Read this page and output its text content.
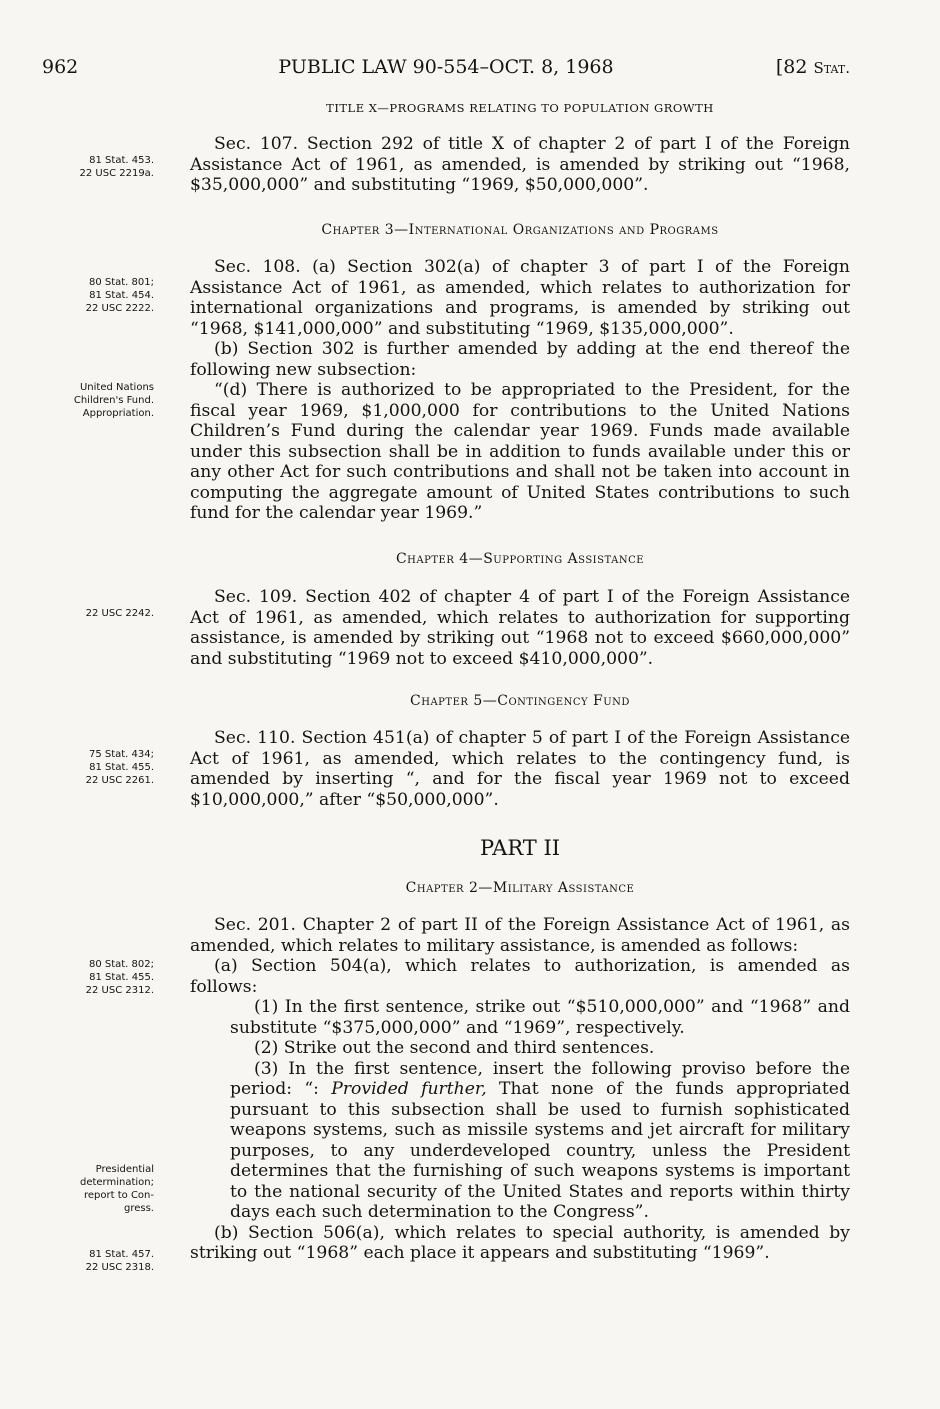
962	PUBLIC LAW 90-554–OCT. 8, 1968	[82 Stat.
TITLE X—PROGRAMS RELATING TO POPULATION GROWTH

Sec. 107. Section 292 of title X of chapter 2 of part I of the Foreign Assistance Act of 1961, as amended, is amended by striking out “1968, $35,000,000” and substituting “1969, $50,000,000”.

Chapter 3—International Organizations and Programs

Sec. 108. (a) Section 302(a) of chapter 3 of part I of the Foreign Assistance Act of 1961, as amended, which relates to authorization for international organizations and programs, is amended by striking out “1968, $141,000,000” and substituting “1969, $135,000,000”.

(b) Section 302 is further amended by adding at the end thereof the following new subsection:

“(d) There is authorized to be appropriated to the President, for the fiscal year 1969, $1,000,000 for contributions to the United Nations Children’s Fund during the calendar year 1969. Funds made available under this subsection shall be in addition to funds available under this or any other Act for such contributions and shall not be taken into account in computing the aggregate amount of United States contributions to such fund for the calendar year 1969.”

Chapter 4—Supporting Assistance

Sec. 109. Section 402 of chapter 4 of part I of the Foreign Assistance Act of 1961, as amended, which relates to authorization for supporting assistance, is amended by striking out “1968 not to exceed $660,000,000” and substituting “1969 not to exceed $410,000,000”.

Chapter 5—Contingency Fund

Sec. 110. Section 451(a) of chapter 5 of part I of the Foreign Assistance Act of 1961, as amended, which relates to the contingency fund, is amended by inserting “, and for the fiscal year 1969 not to exceed $10,000,000,” after “$50,000,000”.

PART II
Chapter 2—Military Assistance

Sec. 201. Chapter 2 of part II of the Foreign Assistance Act of 1961, as amended, which relates to military assistance, is amended as follows:

(a) Section 504(a), which relates to authorization, is amended as follows:

(1) In the first sentence, strike out “$510,000,000” and “1968” and substitute “$375,000,000” and “1969”, respectively.

(2) Strike out the second and third sentences.

(3) In the first sentence, insert the following proviso before the period: “: Provided further, That none of the funds appropriated pursuant to this subsection shall be used to furnish sophisticated weapons systems, such as missile systems and jet aircraft for military purposes, to any underdeveloped country, unless the President determines that the furnishing of such weapons systems is important to the national security of the United States and reports within thirty days each such determination to the Congress”.

(b) Section 506(a), which relates to special authority, is amended by striking out “1968” each place it appears and substituting “1969”.

81 Stat. 453.
22 USC 2219a.
80 Stat. 801;
81 Stat. 454.
22 USC 2222.
United Nations
Children's Fund.
Appropriation.
22 USC 2242.
75 Stat. 434;
81 Stat. 455.
22 USC 2261.
80 Stat. 802;
81 Stat. 455.
22 USC 2312.
Presidential
determination;
report to Con-
gress.
81 Stat. 457.
22 USC 2318.
